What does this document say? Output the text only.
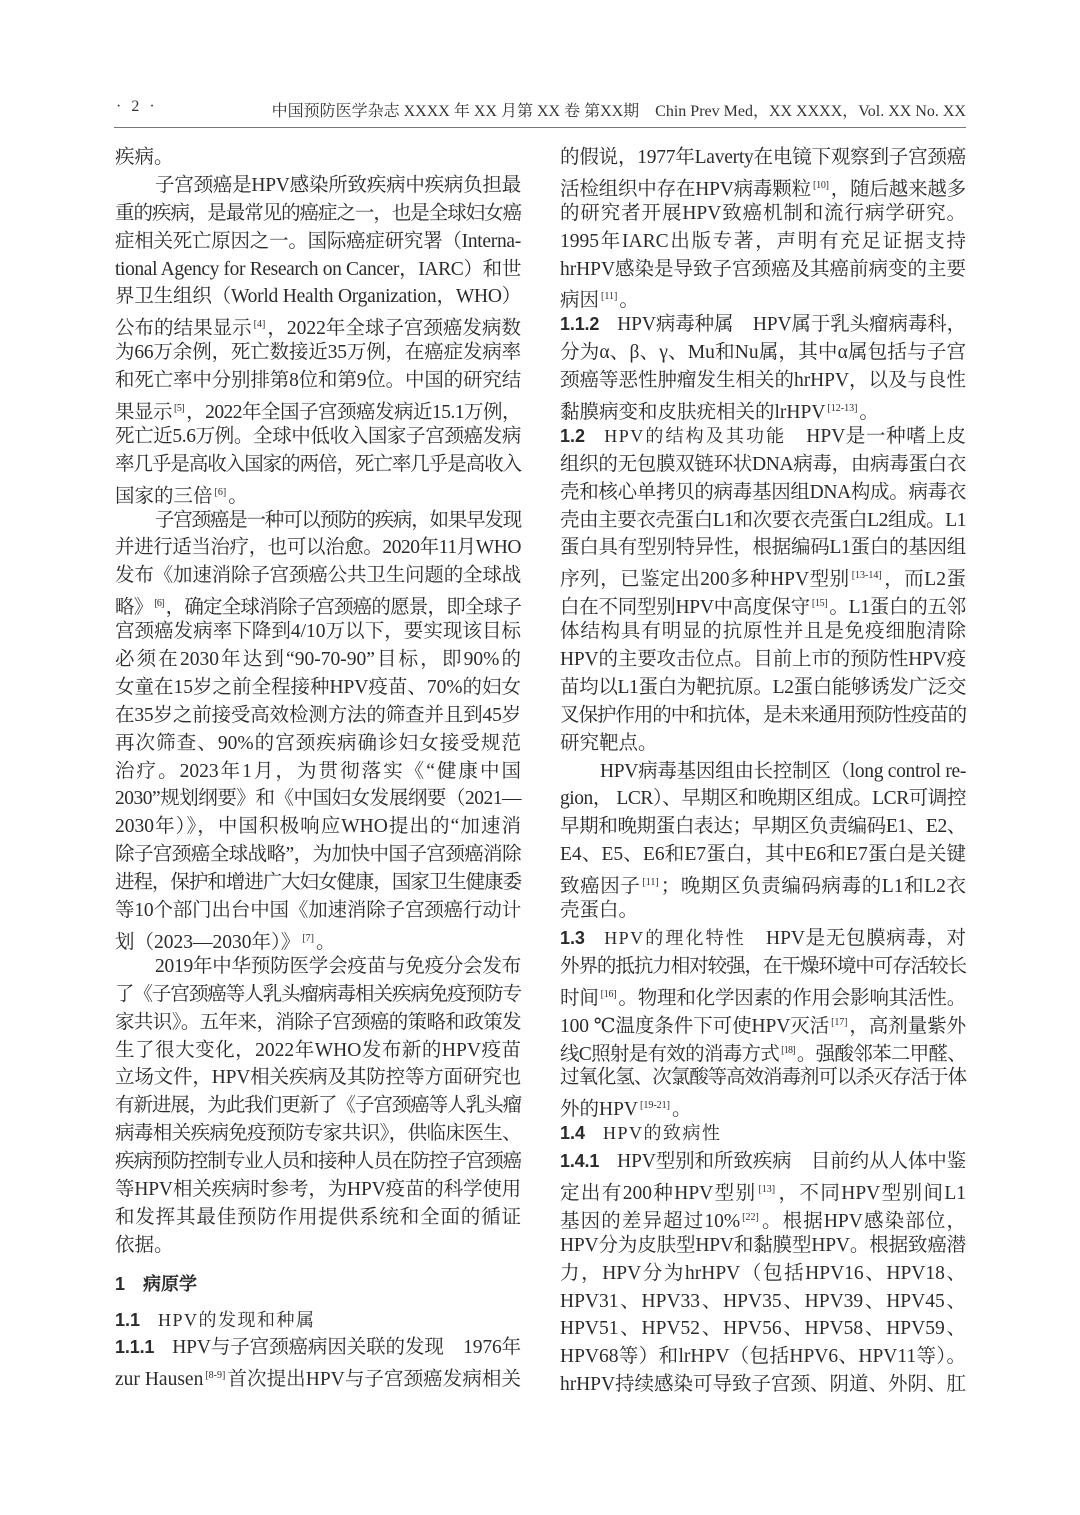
· 2 ·	中国预防医学杂志 XXXX 年 XX 月第 XX 卷 第XX期　Chin Prev Med，XX XXXX，Vol. XX No. XX
疾病。
子宫颈癌是HPV感染所致疾病中疾病负担最
重的疾病，是最常见的癌症之一，也是全球妇女癌
症相关死亡原因之一。国际癌症研究署（Interna-
tional Agency for Research on Cancer，IARC）和世
界卫生组织（World Health Organization，WHO）
公布的结果显示 [4] ，2022年全球子宫颈癌发病数
为66万余例，死亡数接近35万例，在癌症发病率
和死亡率中分别排第8位和第9位。中国的研究结
果显示 [5] ，2022年全国子宫颈癌发病近15.1万例，
死亡近5.6万例。全球中低收入国家子宫颈癌发病
率几乎是高收入国家的两倍，死亡率几乎是高收入
国家的三倍 [6] 。
子宫颈癌是一种可以预防的疾病，如果早发现
并进行适当治疗，也可以治愈。2020年11月WHO
发布《加速消除子宫颈癌公共卫生问题的全球战
略》 [6] ，确定全球消除子宫颈癌的愿景，即全球子
宫颈癌发病率下降到4/10万以下，要实现该目标
必须在2030年达到“90-70-90”目标，即90%的
女童在15岁之前全程接种HPV疫苗、70%的妇女
在35岁之前接受高效检测方法的筛查并且到45岁
再次筛查、90%的宫颈疾病确诊妇女接受规范
治疗。2023年1月，为贯彻落实《“健康中国
2030”规划纲要》和《中国妇女发展纲要（2021—
2030年）》，中国积极响应WHO提出的“加速消
除子宫颈癌全球战略”，为加快中国子宫颈癌消除
进程，保护和增进广大妇女健康，国家卫生健康委
等10个部门出台中国《加速消除子宫颈癌行动计
划（2023—2030年）》 [7] 。
2019年中华预防医学会疫苗与免疫分会发布
了《子宫颈癌等人乳头瘤病毒相关疾病免疫预防专
家共识》。五年来，消除子宫颈癌的策略和政策发
生了很大变化，2022年WHO发布新的HPV疫苗
立场文件，HPV相关疾病及其防控等方面研究也
有新进展，为此我们更新了《子宫颈癌等人乳头瘤
病毒相关疾病免疫预防专家共识》，供临床医生、
疾病预防控制专业人员和接种人员在防控子宫颈癌
等HPV相关疾病时参考，为HPV疫苗的科学使用
和发挥其最佳预防作用提供系统和全面的循证
依据。
1　病原学
1.1　HPV的发现和种属
1.1.1　HPV与子宫颈癌病因关联的发现　1976年
zur Hausen [8-9] 首次提出HPV与子宫颈癌发病相关
的假说，1977年Laverty在电镜下观察到子宫颈癌
活检组织中存在HPV病毒颗粒 [10] ，随后越来越多
的研究者开展HPV致癌机制和流行病学研究。
1995年IARC出版专著，声明有充足证据支持
hrHPV感染是导致子宫颈癌及其癌前病变的主要
病因 [11] 。
1.1.2　HPV病毒种属　HPV属于乳头瘤病毒科，
分为α、β、γ、Mu和Nu属，其中α属包括与子宫
颈癌等恶性肿瘤发生相关的hrHPV，以及与良性
黏膜病变和皮肤疣相关的lrHPV [12-13] 。
1.2　HPV的结构及其功能　HPV是一种嗜上皮
组织的无包膜双链环状DNA病毒，由病毒蛋白衣
壳和核心单拷贝的病毒基因组DNA构成。病毒衣
壳由主要衣壳蛋白L1和次要衣壳蛋白L2组成。L1
蛋白具有型别特异性，根据编码L1蛋白的基因组
序列，已鉴定出200多种HPV型别 [13-14] ，而L2蛋
白在不同型别HPV中高度保守 [15] 。L1蛋白的五邻
体结构具有明显的抗原性并且是免疫细胞清除
HPV的主要攻击位点。目前上市的预防性HPV疫
苗均以L1蛋白为靶抗原。L2蛋白能够诱发广泛交
叉保护作用的中和抗体，是未来通用预防性疫苗的
研究靶点。
HPV病毒基因组由长控制区（long control re-
gion， LCR）、早期区和晚期区组成。LCR可调控
早期和晚期蛋白表达；早期区负责编码E1、E2、
E4、E5、E6和E7蛋白，其中E6和E7蛋白是关键
致癌因子 [11] ；晚期区负责编码病毒的L1和L2衣
壳蛋白。
1.3　HPV的理化特性　HPV是无包膜病毒，对
外界的抵抗力相对较强，在干燥环境中可存活较长
时间 [16] 。物理和化学因素的作用会影响其活性。
100 ℃温度条件下可使HPV灭活 [17] ，高剂量紫外
线C照射是有效的消毒方式 [18] 。强酸邻苯二甲醛、
过氧化氢、次氯酸等高效消毒剂可以杀灭存活于体
外的HPV [19-21] 。
1.4　HPV的致病性
1.4.1　HPV型别和所致疾病　目前约从人体中鉴
定出有200种HPV型别 [13] ，不同HPV型别间L1
基因的差异超过10% [22] 。根据HPV感染部位，
HPV分为皮肤型HPV和黏膜型HPV。根据致癌潜
力，HPV分为hrHPV（包括HPV16、HPV18、
HPV31、HPV33、HPV35、HPV39、HPV45、
HPV51、HPV52、HPV56、HPV58、HPV59、
HPV68等）和lrHPV（包括HPV6、HPV11等）。
hrHPV持续感染可导致子宫颈、阴道、外阴、肛
